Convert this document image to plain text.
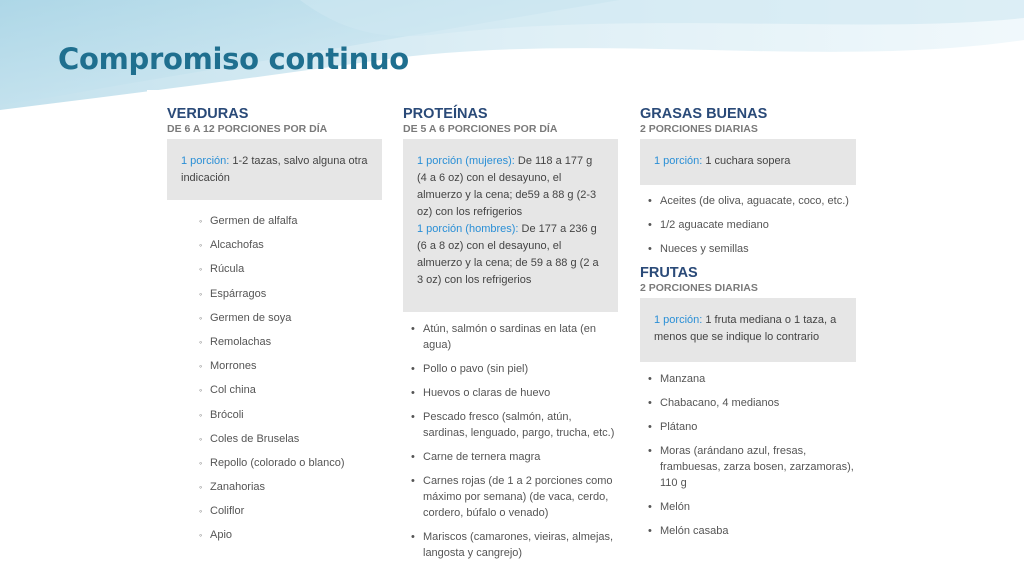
Compromiso continuo
VERDURAS
DE 6 A 12 PORCIONES POR DÍA
1 porción: 1-2 tazas, salvo alguna otra indicación
◦ Germen de alfalfa
◦ Alcachofas
◦ Rúcula
◦ Espárragos
◦ Germen de soya
◦ Remolachas
◦ Morrones
◦ Col china
◦ Brócoli
◦ Coles de Bruselas
◦ Repollo (colorado o blanco)
◦ Zanahorias
◦ Coliflor
◦ Apio
PROTEÍNAS
DE 5 A 6 PORCIONES POR DÍA
1 porción (mujeres): De 118 a 177 g (4 a 6 oz) con el desayuno, el almuerzo y la cena; de59 a 88 g (2-3 oz) con los refrigerios
1 porción (hombres): De 177 a 236 g (6 a 8 oz) con el desayuno, el almuerzo y la cena; de 59 a 88 g (2 a 3 oz) con los refrigerios
• Atún, salmón o sardinas en lata (en agua)
• Pollo o pavo (sin piel)
• Huevos o claras de huevo
• Pescado fresco (salmón, atún, sardinas, lenguado, pargo, trucha, etc.)
• Carne de ternera magra
• Carnes rojas (de 1 a 2 porciones como máximo por semana) (de vaca, cerdo, cordero, búfalo o venado)
• Mariscos (camarones, vieiras, almejas, langosta y cangrejo)
GRASAS BUENAS
2 PORCIONES DIARIAS
1 porción: 1 cuchara sopera
• Aceites (de oliva, aguacate, coco, etc.)
• 1/2 aguacate mediano
• Nueces y semillas
FRUTAS
2 PORCIONES DIARIAS
1 porción: 1 fruta mediana o 1 taza, a menos que se indique lo contrario
• Manzana
• Chabacano, 4 medianos
• Plátano
• Moras (arándano azul, fresas, frambuesas, zarza bosen, zarzamoras), 110 g
• Melón
• Melón casaba
